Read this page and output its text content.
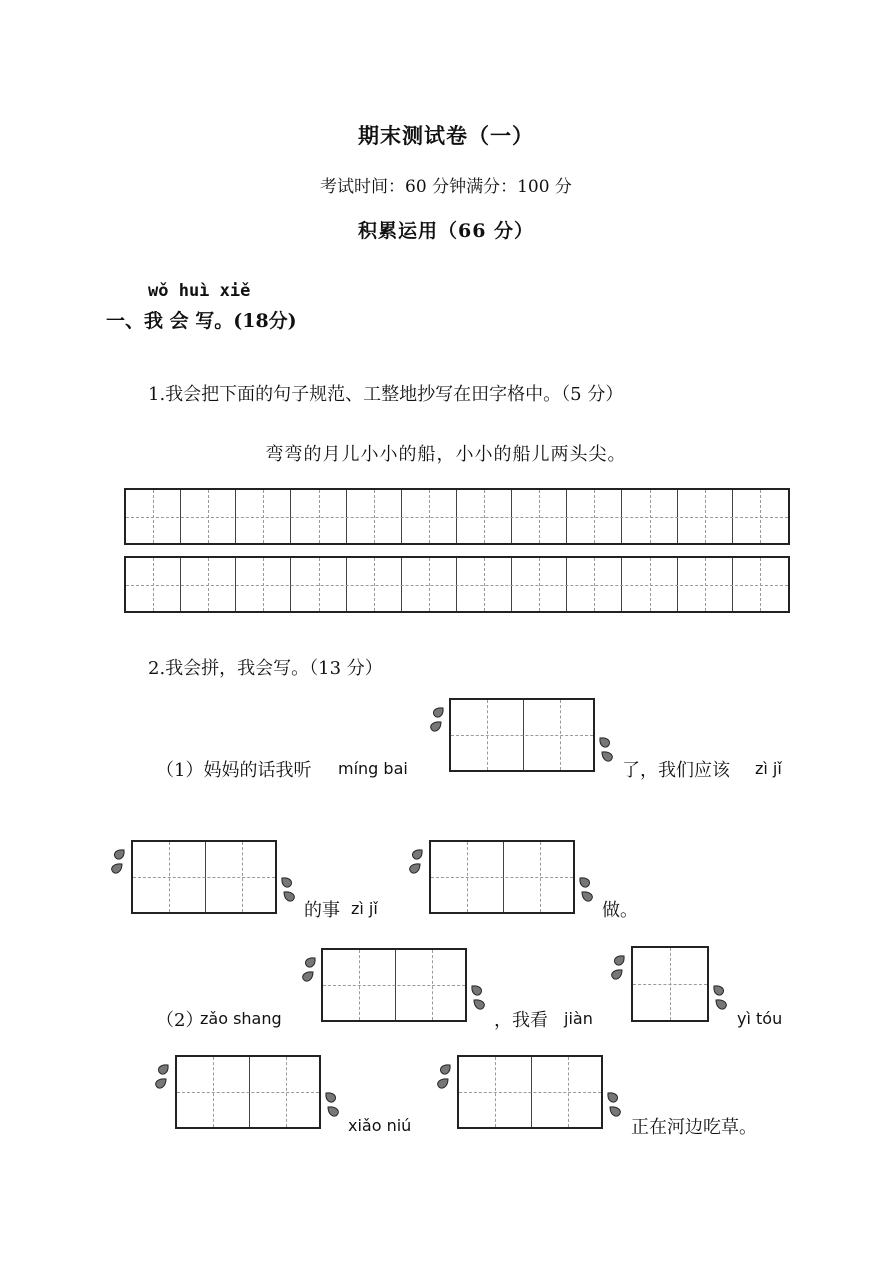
期末测试卷（一）
考试时间：60 分钟满分：100 分
积累运用（66 分）
wǒ huì xiě
一、我 会 写。(18分)
1.我会把下面的句子规范、工整地抄写在田字格中。（5 分）
弯弯的月儿小小的船，小小的船儿两头尖。
2.我会拼，我会写。（13 分）
（1）妈妈的话我听 míng bai	了，我们应该 zì jǐ
的事 zì jǐ	做。
（2）
zǎo shang	，我看 jiàn	yì tóu
xiǎo niú	正在河边吃草。
